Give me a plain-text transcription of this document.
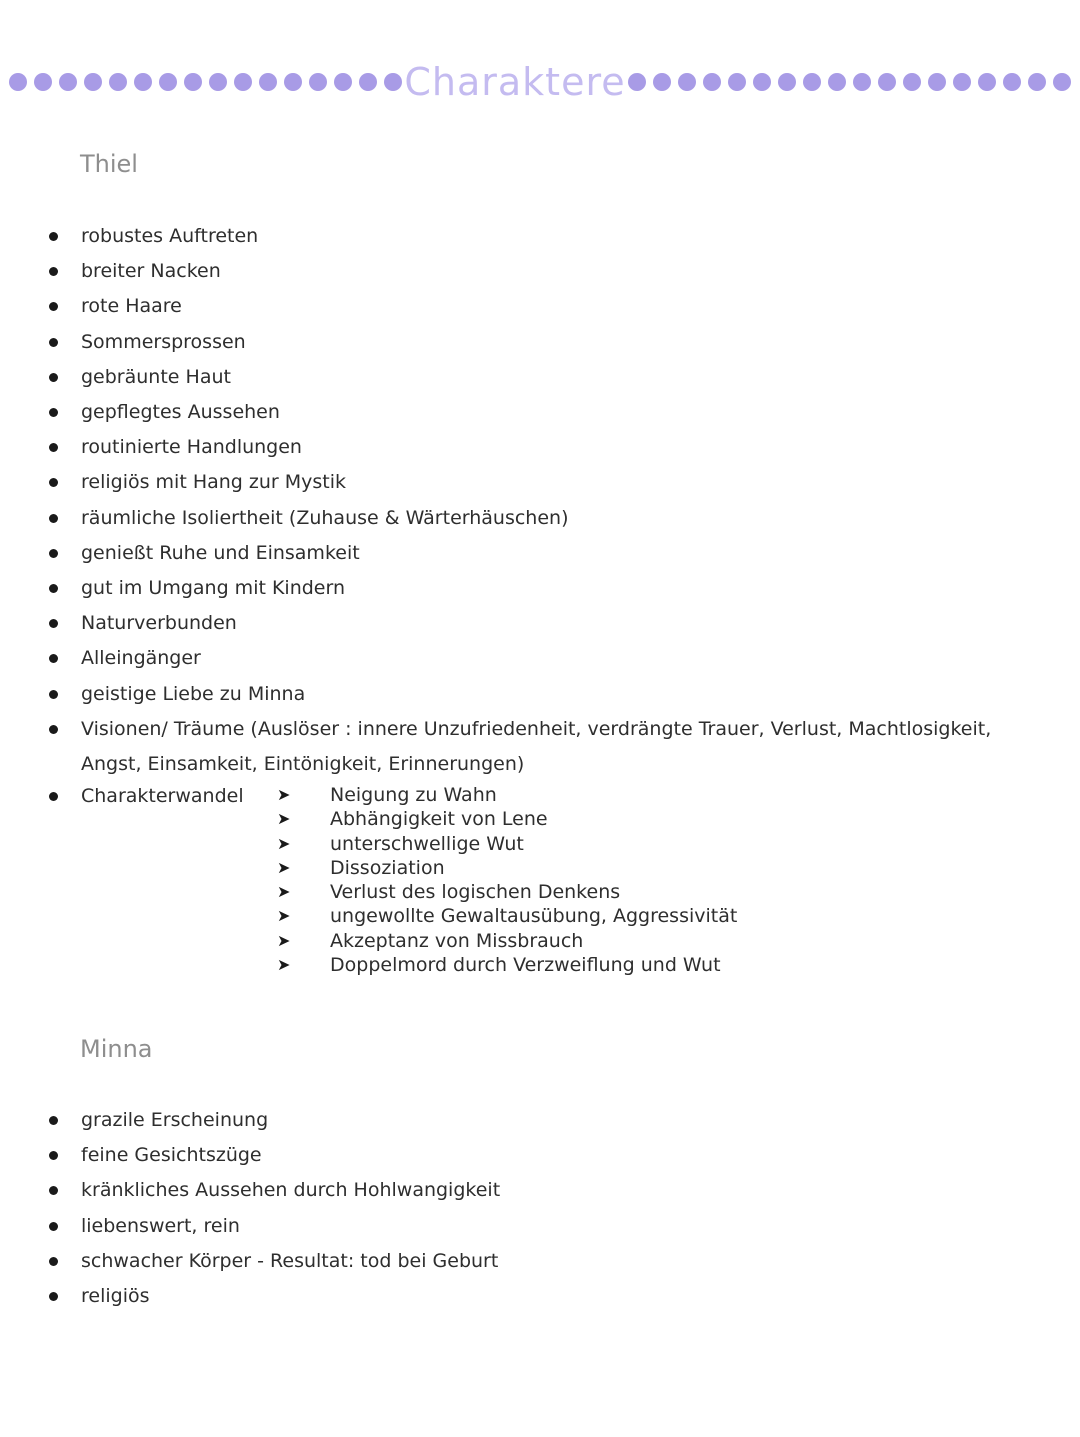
Charaktere
Thiel
robustes Auftreten
breiter Nacken
rote Haare
Sommersprossen
gebräunte Haut
gepflegtes Aussehen
routinierte Handlungen
religiös mit Hang zur Mystik
räumliche Isoliertheit (Zuhause & Wärterhäuschen)
genießt Ruhe und Einsamkeit
gut im Umgang mit Kindern
Naturverbunden
Alleingänger
geistige Liebe zu Minna
Visionen/ Träume (Auslöser : innere Unzufriedenheit, verdrängte Trauer, Verlust, Machtlosigkeit, Angst, Einsamkeit, Eintönigkeit, Erinnerungen)
Charakterwandel ➤ Neigung zu Wahn
➤ Abhängigkeit von Lene
➤ unterschwellige Wut
➤ Dissoziation
➤ Verlust des logischen Denkens
➤ ungewollte Gewaltausübung, Aggressivität
➤ Akzeptanz von Missbrauch
➤ Doppelmord durch Verzweiflung und Wut
Minna
grazile Erscheinung
feine Gesichtszüge
kränkliches Aussehen durch Hohlwangigkeit
liebenswert, rein
schwacher Körper - Resultat: tod bei Geburt
religiös
